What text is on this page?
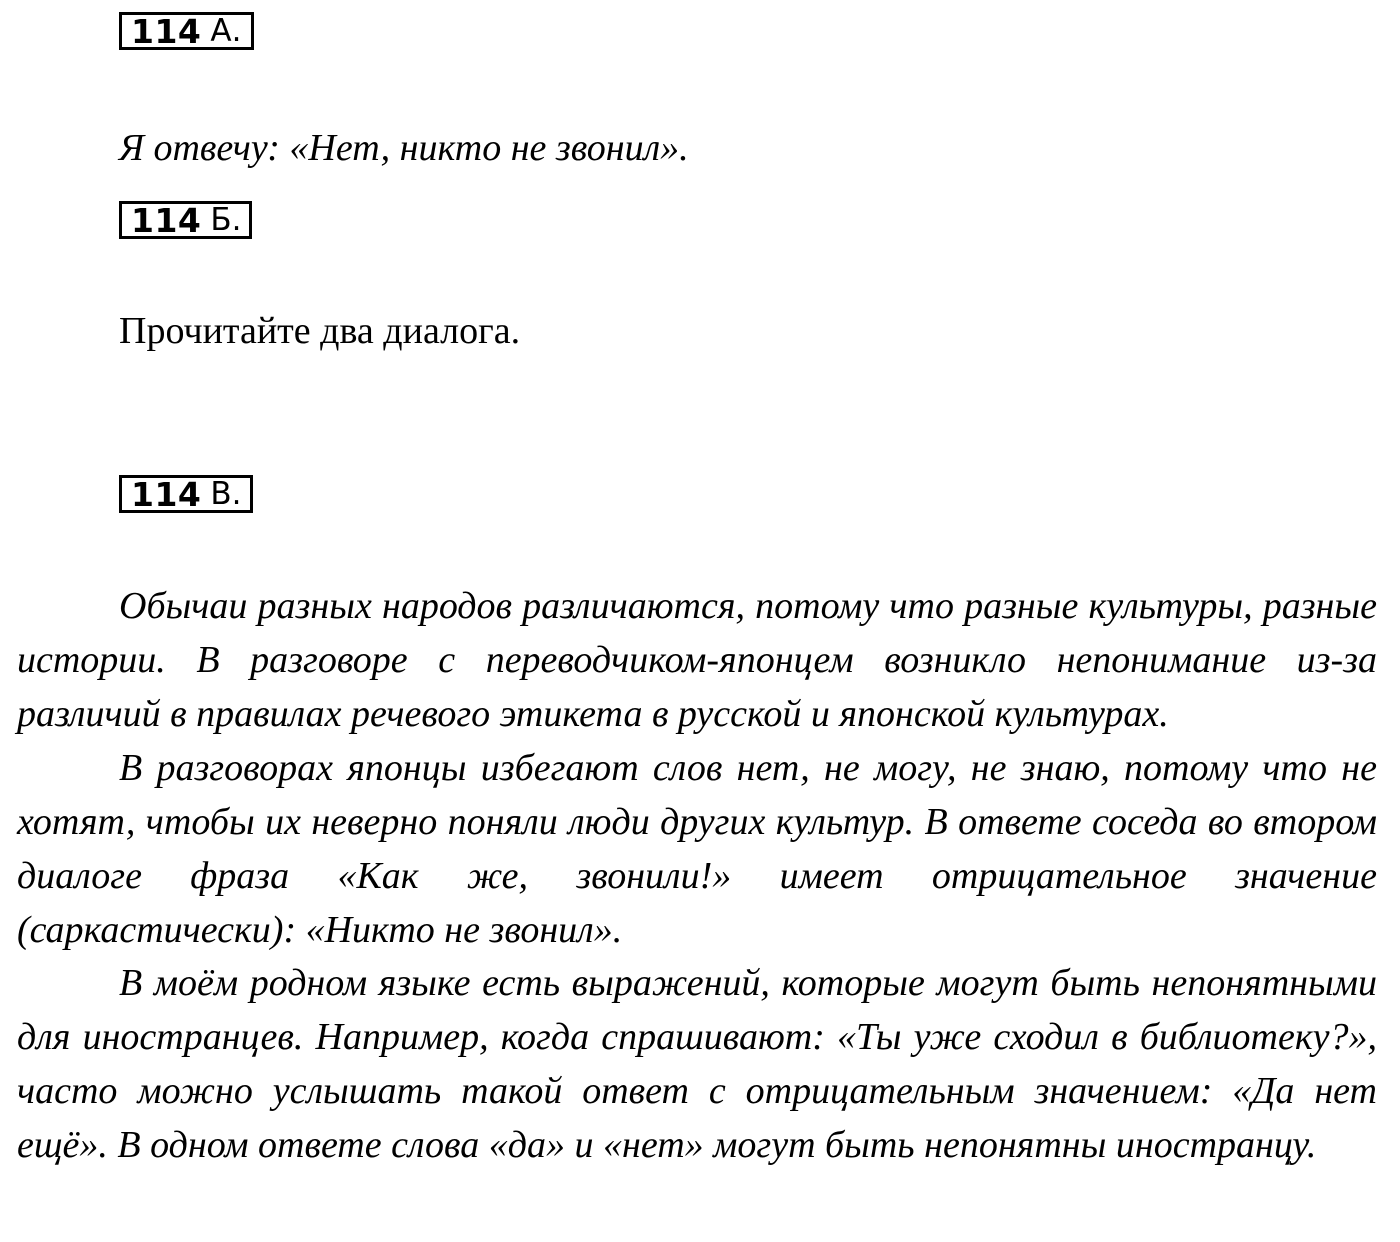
114 А.
Я отвечу: «Нет, никто не звонил».
114 Б.
Прочитайте два диалога.
114 В.

Обычаи разных народов различаются, потому что разные культуры, разные истории. В разговоре с переводчиком-японцем возникло непонимание из-за различий в правилах речевого этикета в русской и японской культурах.

В разговорах японцы избегают слов нет, не могу, не знаю, потому что не хотят, чтобы их неверно поняли люди других культур. В ответе соседа во втором диалоге фраза «Как же, звонили!» имеет отрицательное значение (саркастически): «Никто не звонил».

В моём родном языке есть выражений, которые могут быть непонятными для иностранцев. Например, когда спрашивают: «Ты уже сходил в библиотеку?», часто можно услышать такой ответ с отрицательным значением: «Да нет ещё». В одном ответе слова «да» и «нет» могут быть непонятны иностранцу.
